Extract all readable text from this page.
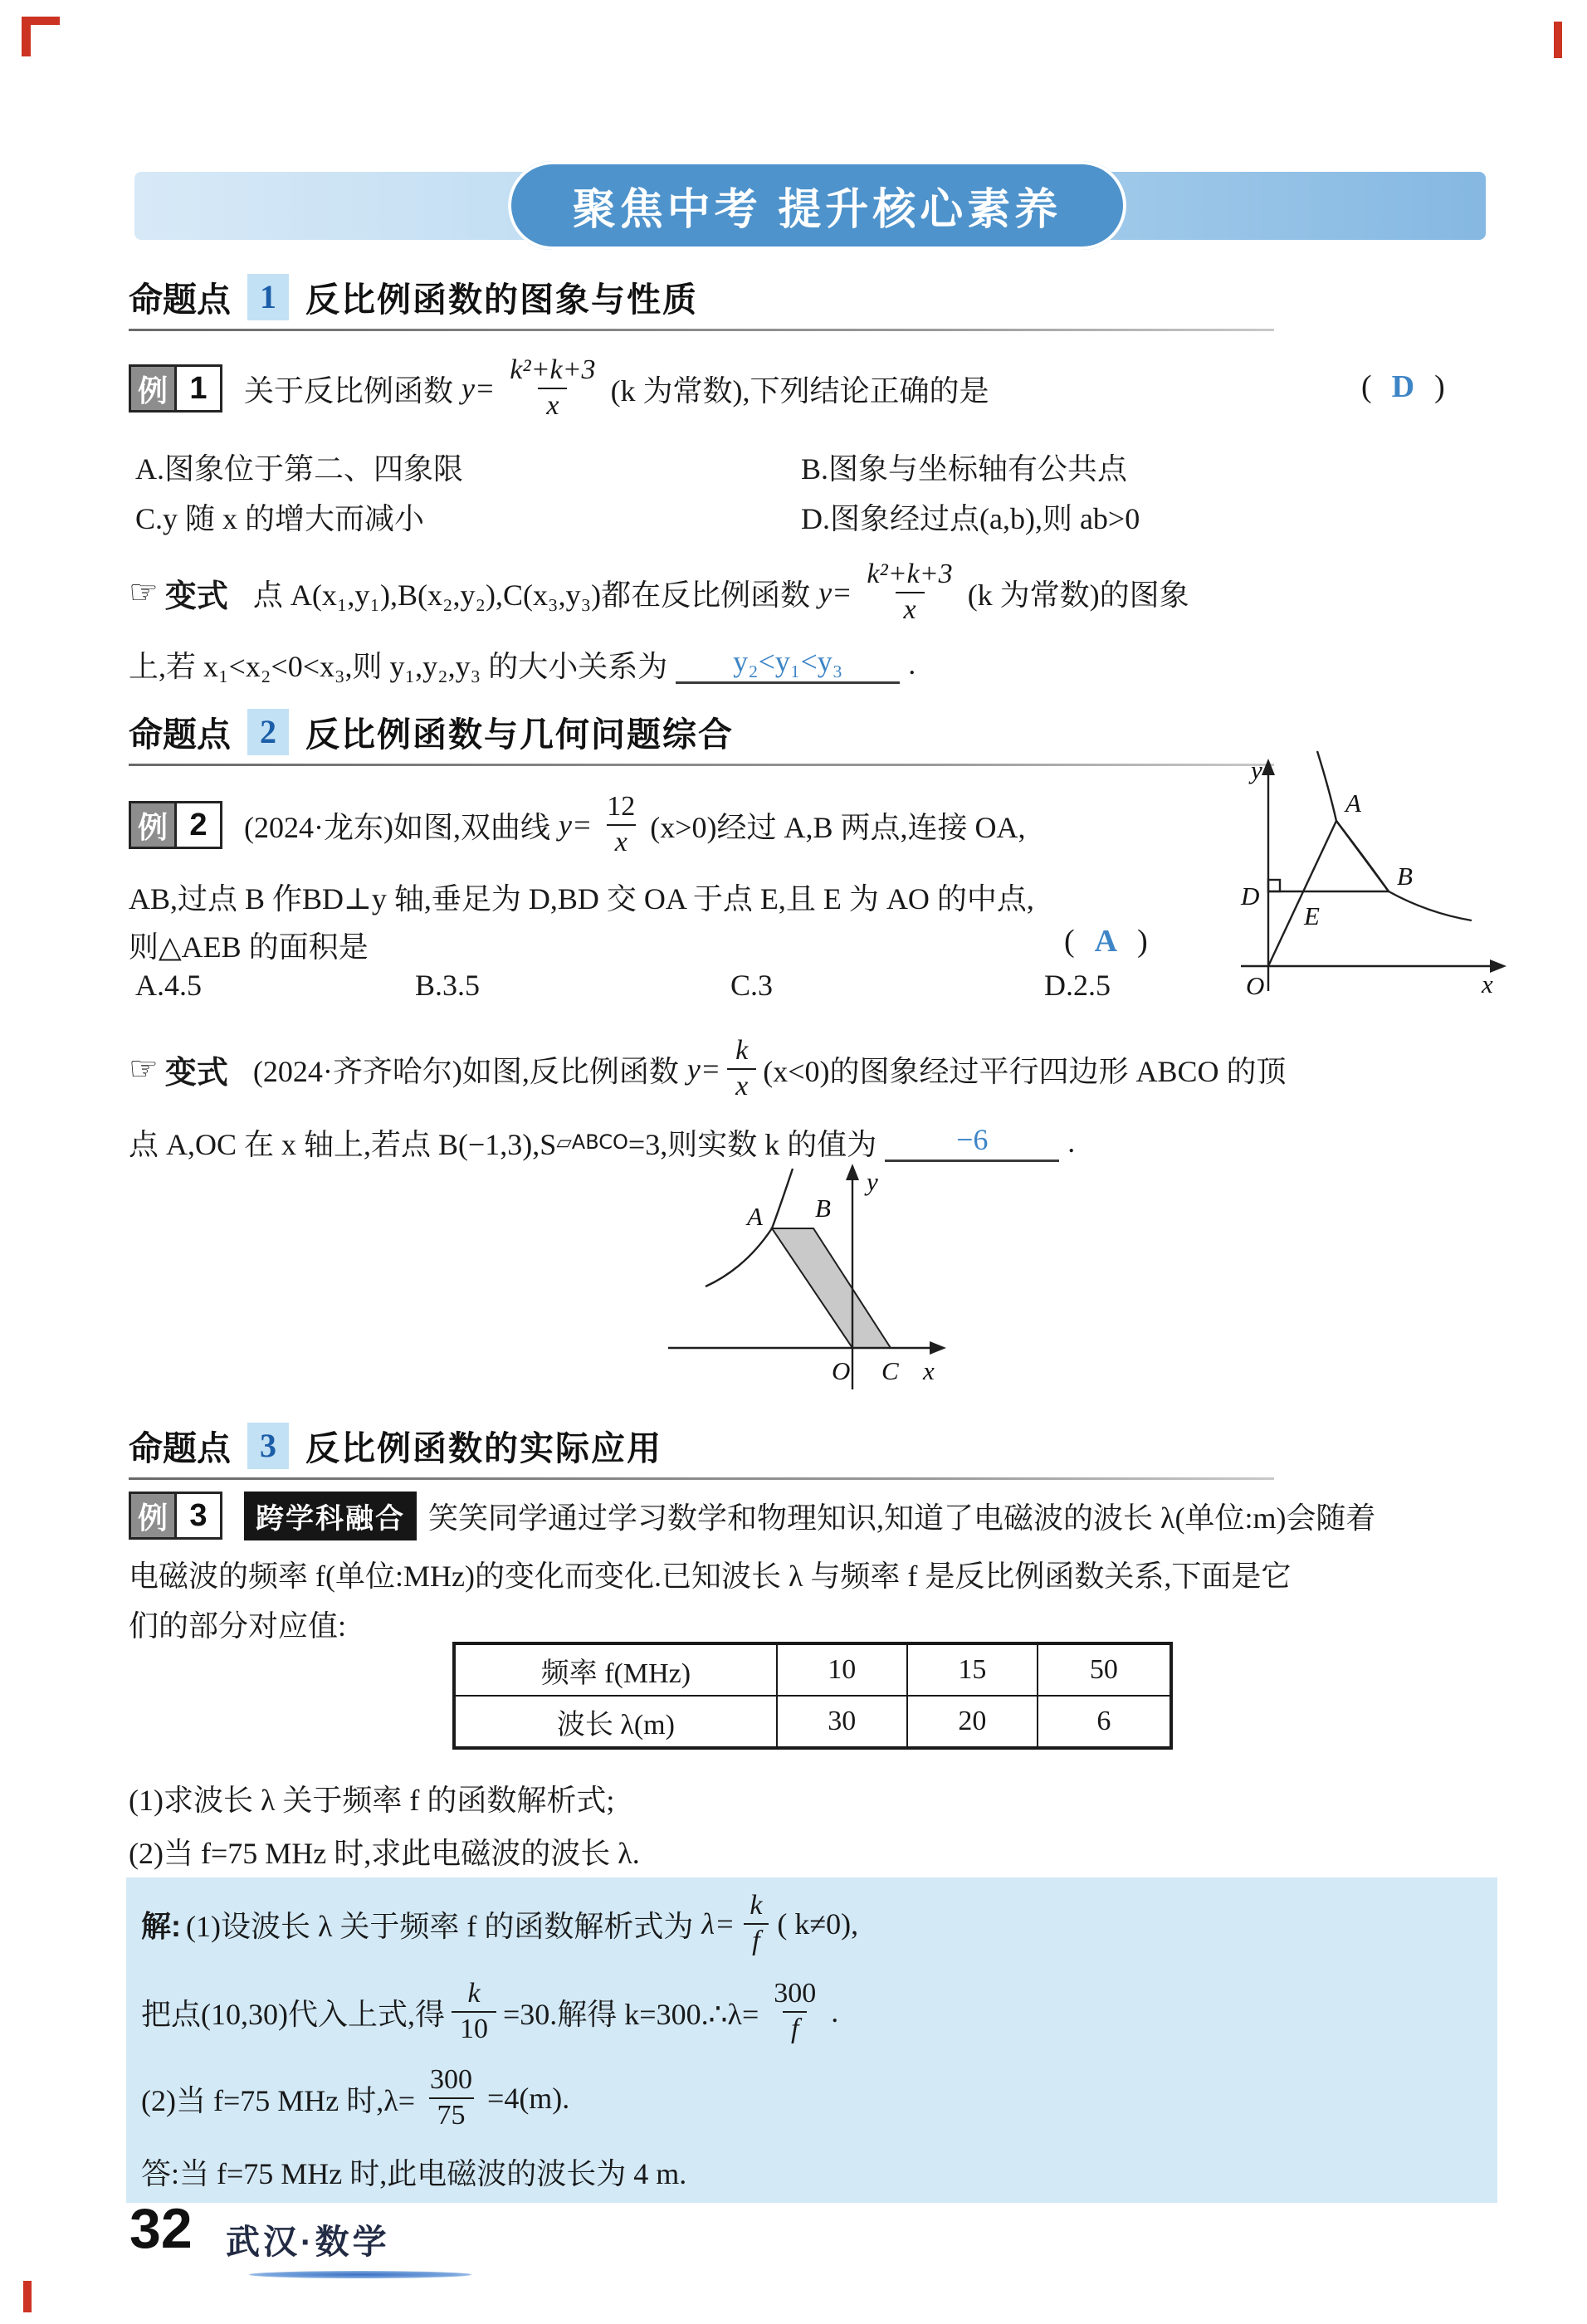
聚焦中考 提升核心素养
命题点 1 反比例函数的图象与性质
例 1	关于反比例函数 $y= \frac{\text{k²+k+3}}{x} (k$ 为常数),下列结论正确的是	( D )
A.图象位于第二、四象限	B.图象与坐标轴有公共点
C.y 随 x 的增大而减小	D.图象经过点(a,b),则 ab>0
☞ 变式 点 A(x₁,y₁),B(x₂,y₂),C(x₃,y₃)都在反比例函数 $y= \frac{\text{k²+k+3}}{x} (k$ 为常数)的图象
上,若 x₁<x₂<0<x₃,则 y₁,y₂,y₃ 的大小关系为	y₂<y₁<y₃	.
命题点 2 反比例函数与几何问题综合
例 2	(2024·龙东)如图,双曲线 $y= \frac{12}{x} (x>0)$经过 A,B 两点,连接 OA,
AB,过点 B 作BD⊥y 轴,垂足为 D,BD 交 OA 于点 E,且 E 为 AO 的中点,
则△AEB 的面积是	( A )
A.4.5	B.3.5	C.3	D.2.5
y
x
O
A
B
D
E
☞ 变式 (2024·齐齐哈尔)如图,反比例函数 $y= \frac{k}{x} (x<0)$的图象经过平行四边形 ABCO 的顶
点 A,OC 在 x 轴上,若点 B(−1,3),S ▱ABCO =3,则实数 k 的值为	−6	.
y
x
O C
A B
命题点 3 反比例函数的实际应用
例 3	跨学科融合 笑笑同学通过学习数学和物理知识,知道了电磁波的波长 λ(单位:m)会随着
电磁波的频率 f(单位:MHz)的变化而变化.已知波长 λ 与频率 f 是反比例函数关系,下面是它
们的部分对应值:
频率 f(MHz)	10	15	50
波长 λ(m)	30	20	6
(1)求波长 λ 关于频率 f 的函数解析式;
(2)当 f=75 MHz 时,求此电磁波的波长 λ.
解: (1)设波长 λ 关于频率 f 的函数解析式为 $\lambda= \frac{k}{f}$ ( k≠0),
把点(10,30)代入上式,得 $\frac{k}{10} =30$.解得 k=300.∴λ= $\frac{300}{f}$ .
(2)当 f=75 MHz 时$,\lambda= \frac{300}{75} =4(m)$.
答:当 f=75 MHz 时,此电磁波的波长为 4 m.
32 武汉·数学
